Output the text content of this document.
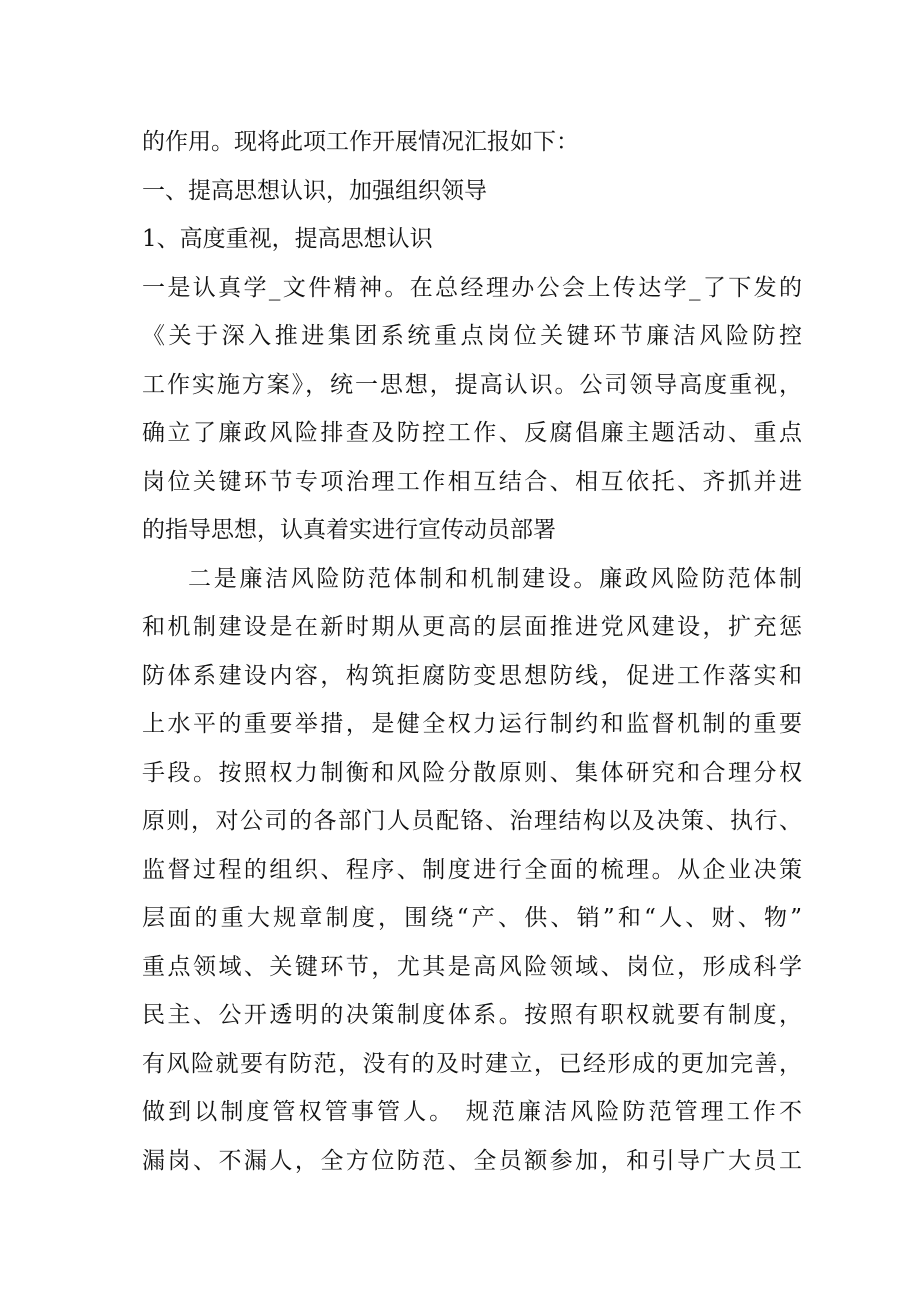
的作用。现将此项工作开展情况汇报如下：
一、提高思想认识，加强组织领导
1、高度重视，提高思想认识
一是认真学_文件精神。在总经理办公会上传达学_了下发的
《关于深入推进集团系统重点岗位关键环节廉洁风险防控
工作实施方案》，统一思想，提高认识。公司领导高度重视，
确立了廉政风险排查及防控工作、反腐倡廉主题活动、重点
岗位关键环节专项治理工作相互结合、相互依托、齐抓并进
的指导思想，认真着实进行宣传动员部署
二是廉洁风险防范体制和机制建设。廉政风险防范体制
和机制建设是在新时期从更高的层面推进党风建设，扩充惩
防体系建设内容，构筑拒腐防变思想防线，促进工作落实和
上水平的重要举措，是健全权力运行制约和监督机制的重要
手段。按照权力制衡和风险分散原则、集体研究和合理分权
原则，对公司的各部门人员配铬、治理结构以及决策、执行、
监督过程的组织、程序、制度进行全面的梳理。从企业决策
层面的重大规章制度，围绕“产、供、销”和“人、财、物”
重点领域、关键环节，尤其是高风险领域、岗位，形成科学
民主、公开透明的决策制度体系。按照有职权就要有制度，
有风险就要有防范，没有的及时建立，已经形成的更加完善，
做到以制度管权管事管人。 规范廉洁风险防范管理工作不
漏岗、不漏人，全方位防范、全员额参加，和引导广大员工
